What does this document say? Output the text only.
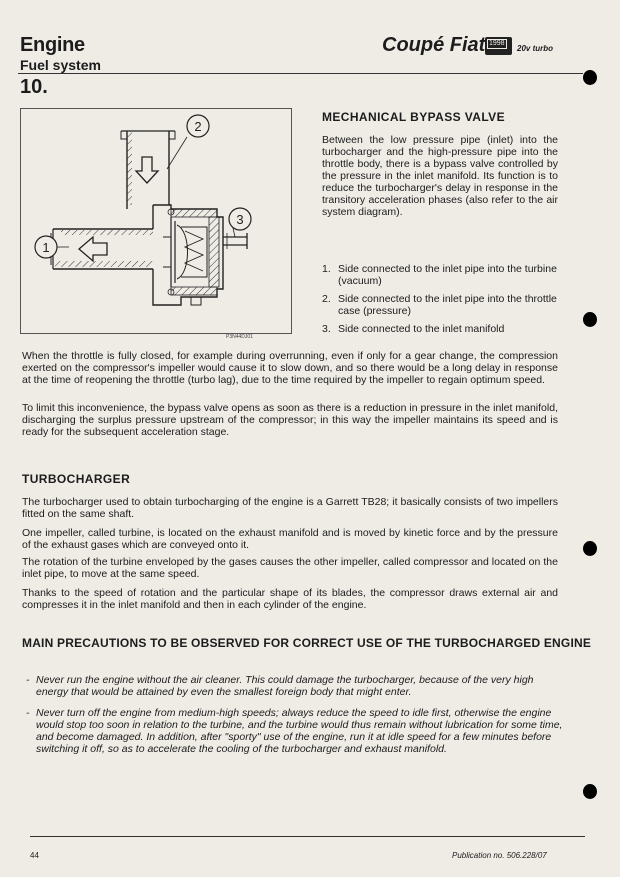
Engine
Fuel system
Coupé Fiat 1998
20v turbo
10.
2
3
1
P3N44DJ01
MECHANICAL BYPASS VALVE
Between the low pressure pipe (inlet) into the turbocharger and the high-pressure pipe into the throttle body, there is a bypass valve controlled by the pressure in the inlet manifold. Its function is to reduce the turbocharger's delay in response in the transitory acceleration phases (also refer to the air system diagram).
1. Side connected to the inlet pipe into the turbine (vacuum)
2. Side connected to the inlet pipe into the throttle case (pressure)
3. Side connected to the inlet manifold
When the throttle is fully closed, for example during overrunning, even if only for a gear change, the compression exerted on the compressor's impeller would cause it to slow down, and so there would be a long delay in response at the time of reopening the throttle (turbo lag), due to the time required by the impeller to regain optimum speed.
To limit this inconvenience, the bypass valve opens as soon as there is a reduction in pressure in the inlet manifold, discharging the surplus pressure upstream of the compressor; in this way the impeller maintains its speed and is ready for the subsequent acceleration stage.
TURBOCHARGER
The turbocharger used to obtain turbocharging of the engine is a Garrett TB28; it basically consists of two impellers fitted on the same shaft.
One impeller, called turbine, is located on the exhaust manifold and is moved by kinetic force and by the pressure of the exhaust gases which are conveyed onto it.
The rotation of the turbine enveloped by the gases causes the other impeller, called compressor and located on the inlet pipe, to move at the same speed.
Thanks to the speed of rotation and the particular shape of its blades, the compressor draws external air and compresses it in the inlet manifold and then in each cylinder of the engine.
MAIN PRECAUTIONS TO BE OBSERVED FOR CORRECT USE OF THE TURBOCHARGED ENGINE
- Never run the engine without the air cleaner. This could damage the turbocharger, because of the very high energy that would be attained by even the smallest foreign body that might enter.
- Never turn off the engine from medium-high speeds; always reduce the speed to idle first, otherwise the engine would stop too soon in relation to the turbine, and the turbine would thus remain without lubrication for some time, and become damaged. In addition, after "sporty" use of the engine, run it at idle speed for a few minutes before switching it off, so as to accelerate the cooling of the turbocharger and exhaust manifold.
44	Publication no. 506.228/07
